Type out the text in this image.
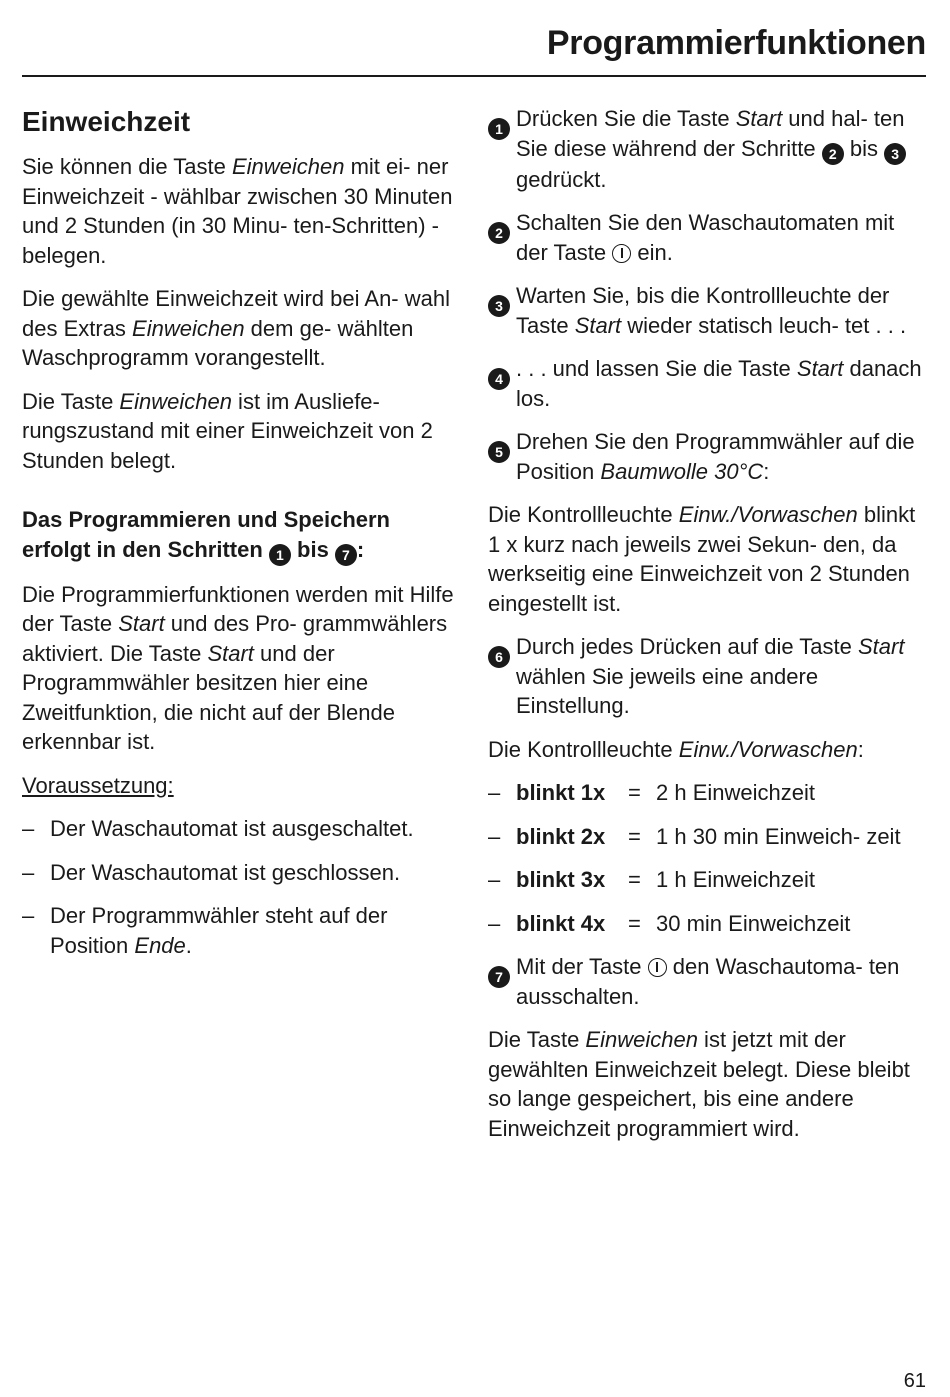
Programmierfunktionen
Einweichzeit

Sie können die Taste Einweichen mit ei- ner Einweichzeit - wählbar zwischen 30 Minuten und 2 Stunden (in 30 Minu- ten-Schritten) - belegen.

Die gewählte Einweichzeit wird bei An- wahl des Extras Einweichen dem ge- wählten Waschprogramm vorangestellt.

Die Taste Einweichen ist im Ausliefe- rungszustand mit einer Einweichzeit von 2 Stunden belegt.

Das Programmieren und Speichern erfolgt in den Schritten 1 bis 7 :

Die Programmierfunktionen werden mit Hilfe der Taste Start und des Pro- grammwählers aktiviert. Die Taste Start und der Programmwähler besitzen hier eine Zweitfunktion, die nicht auf der Blende erkennbar ist.

Voraussetzung:

– Der Waschautomat ist ausgeschaltet.
– Der Waschautomat ist geschlossen.
– Der Programmwähler steht auf der Position Ende.
1 Drücken Sie die Taste Start und hal- ten Sie diese während der Schritte 2 bis 3 gedrückt.
2 Schalten Sie den Waschautomaten mit der Taste  ein.
3 Warten Sie, bis die Kontrollleuchte der Taste Start wieder statisch leuch- tet . . .
4 . . . und lassen Sie die Taste Start danach los.
5 Drehen Sie den Programmwähler auf die Position Baumwolle 30°C:

Die Kontrollleuchte Einw./Vorwaschen blinkt 1 x kurz nach jeweils zwei Sekun- den, da werkseitig eine Einweichzeit von 2 Stunden eingestellt ist.

6 Durch jedes Drücken auf die Taste Start wählen Sie jeweils eine andere Einstellung.

Die Kontrollleuchte Einw./Vorwaschen:

– blinkt 1x	= 2 h Einweichzeit
– blinkt 2x	= 1 h 30 min Einweich- zeit
– blinkt 3x	= 1 h Einweichzeit
– blinkt 4x	= 30 min Einweichzeit
7 Mit der Taste  den Waschautoma- ten ausschalten.

Die Taste Einweichen ist jetzt mit der gewählten Einweichzeit belegt. Diese bleibt so lange gespeichert, bis eine andere Einweichzeit programmiert wird.

61
